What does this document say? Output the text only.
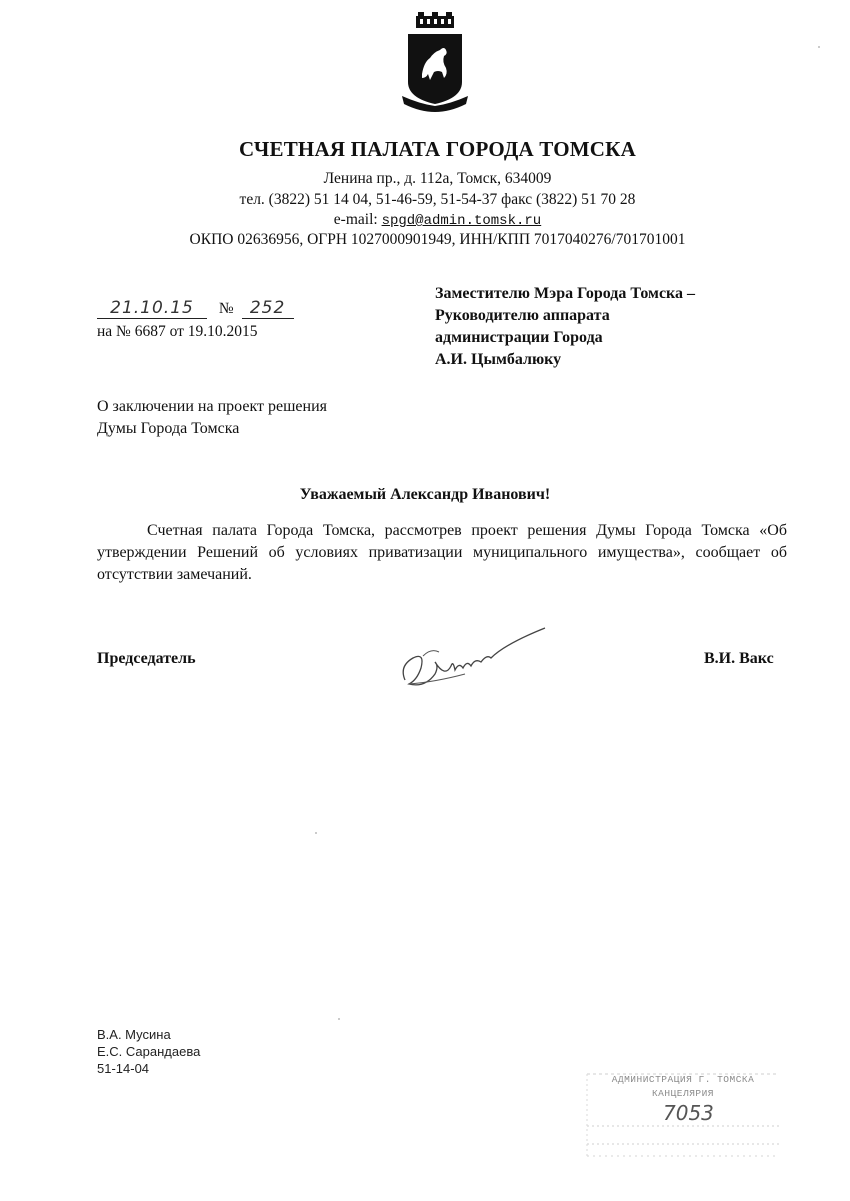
СЧЕТНАЯ ПАЛАТА ГОРОДА ТОМСКА
Ленина пр., д. 112а, Томск, 634009
тел. (3822) 51 14 04, 51-46-59, 51-54-37 факс (3822) 51 70 28
e-mail: spgd@admin.tomsk.ru
ОКПО 02636956, ОГРН 1027000901949, ИНН/КПП 7017040276/701701001
21.10.15 № 252
на № 6687 от 19.10.2015
Заместителю Мэра Города Томска –
Руководителю аппарата
администрации Города
А.И. Цымбалюку
О заключении на проект решения
Думы Города Томска
Уважаемый Александр Иванович!
Счетная палата Города Томска, рассмотрев проект решения Думы Города Томска «Об утверждении Решений об условиях приватизации муниципального имущества», сообщает об отсутствии замечаний.
Председатель	В.И. Вакс
В.А. Мусина
Е.С. Сарандаева
51-14-04
АДМИНИСТРАЦИЯ Г. ТОМСКА
КАНЦЕЛЯРИЯ
7053
